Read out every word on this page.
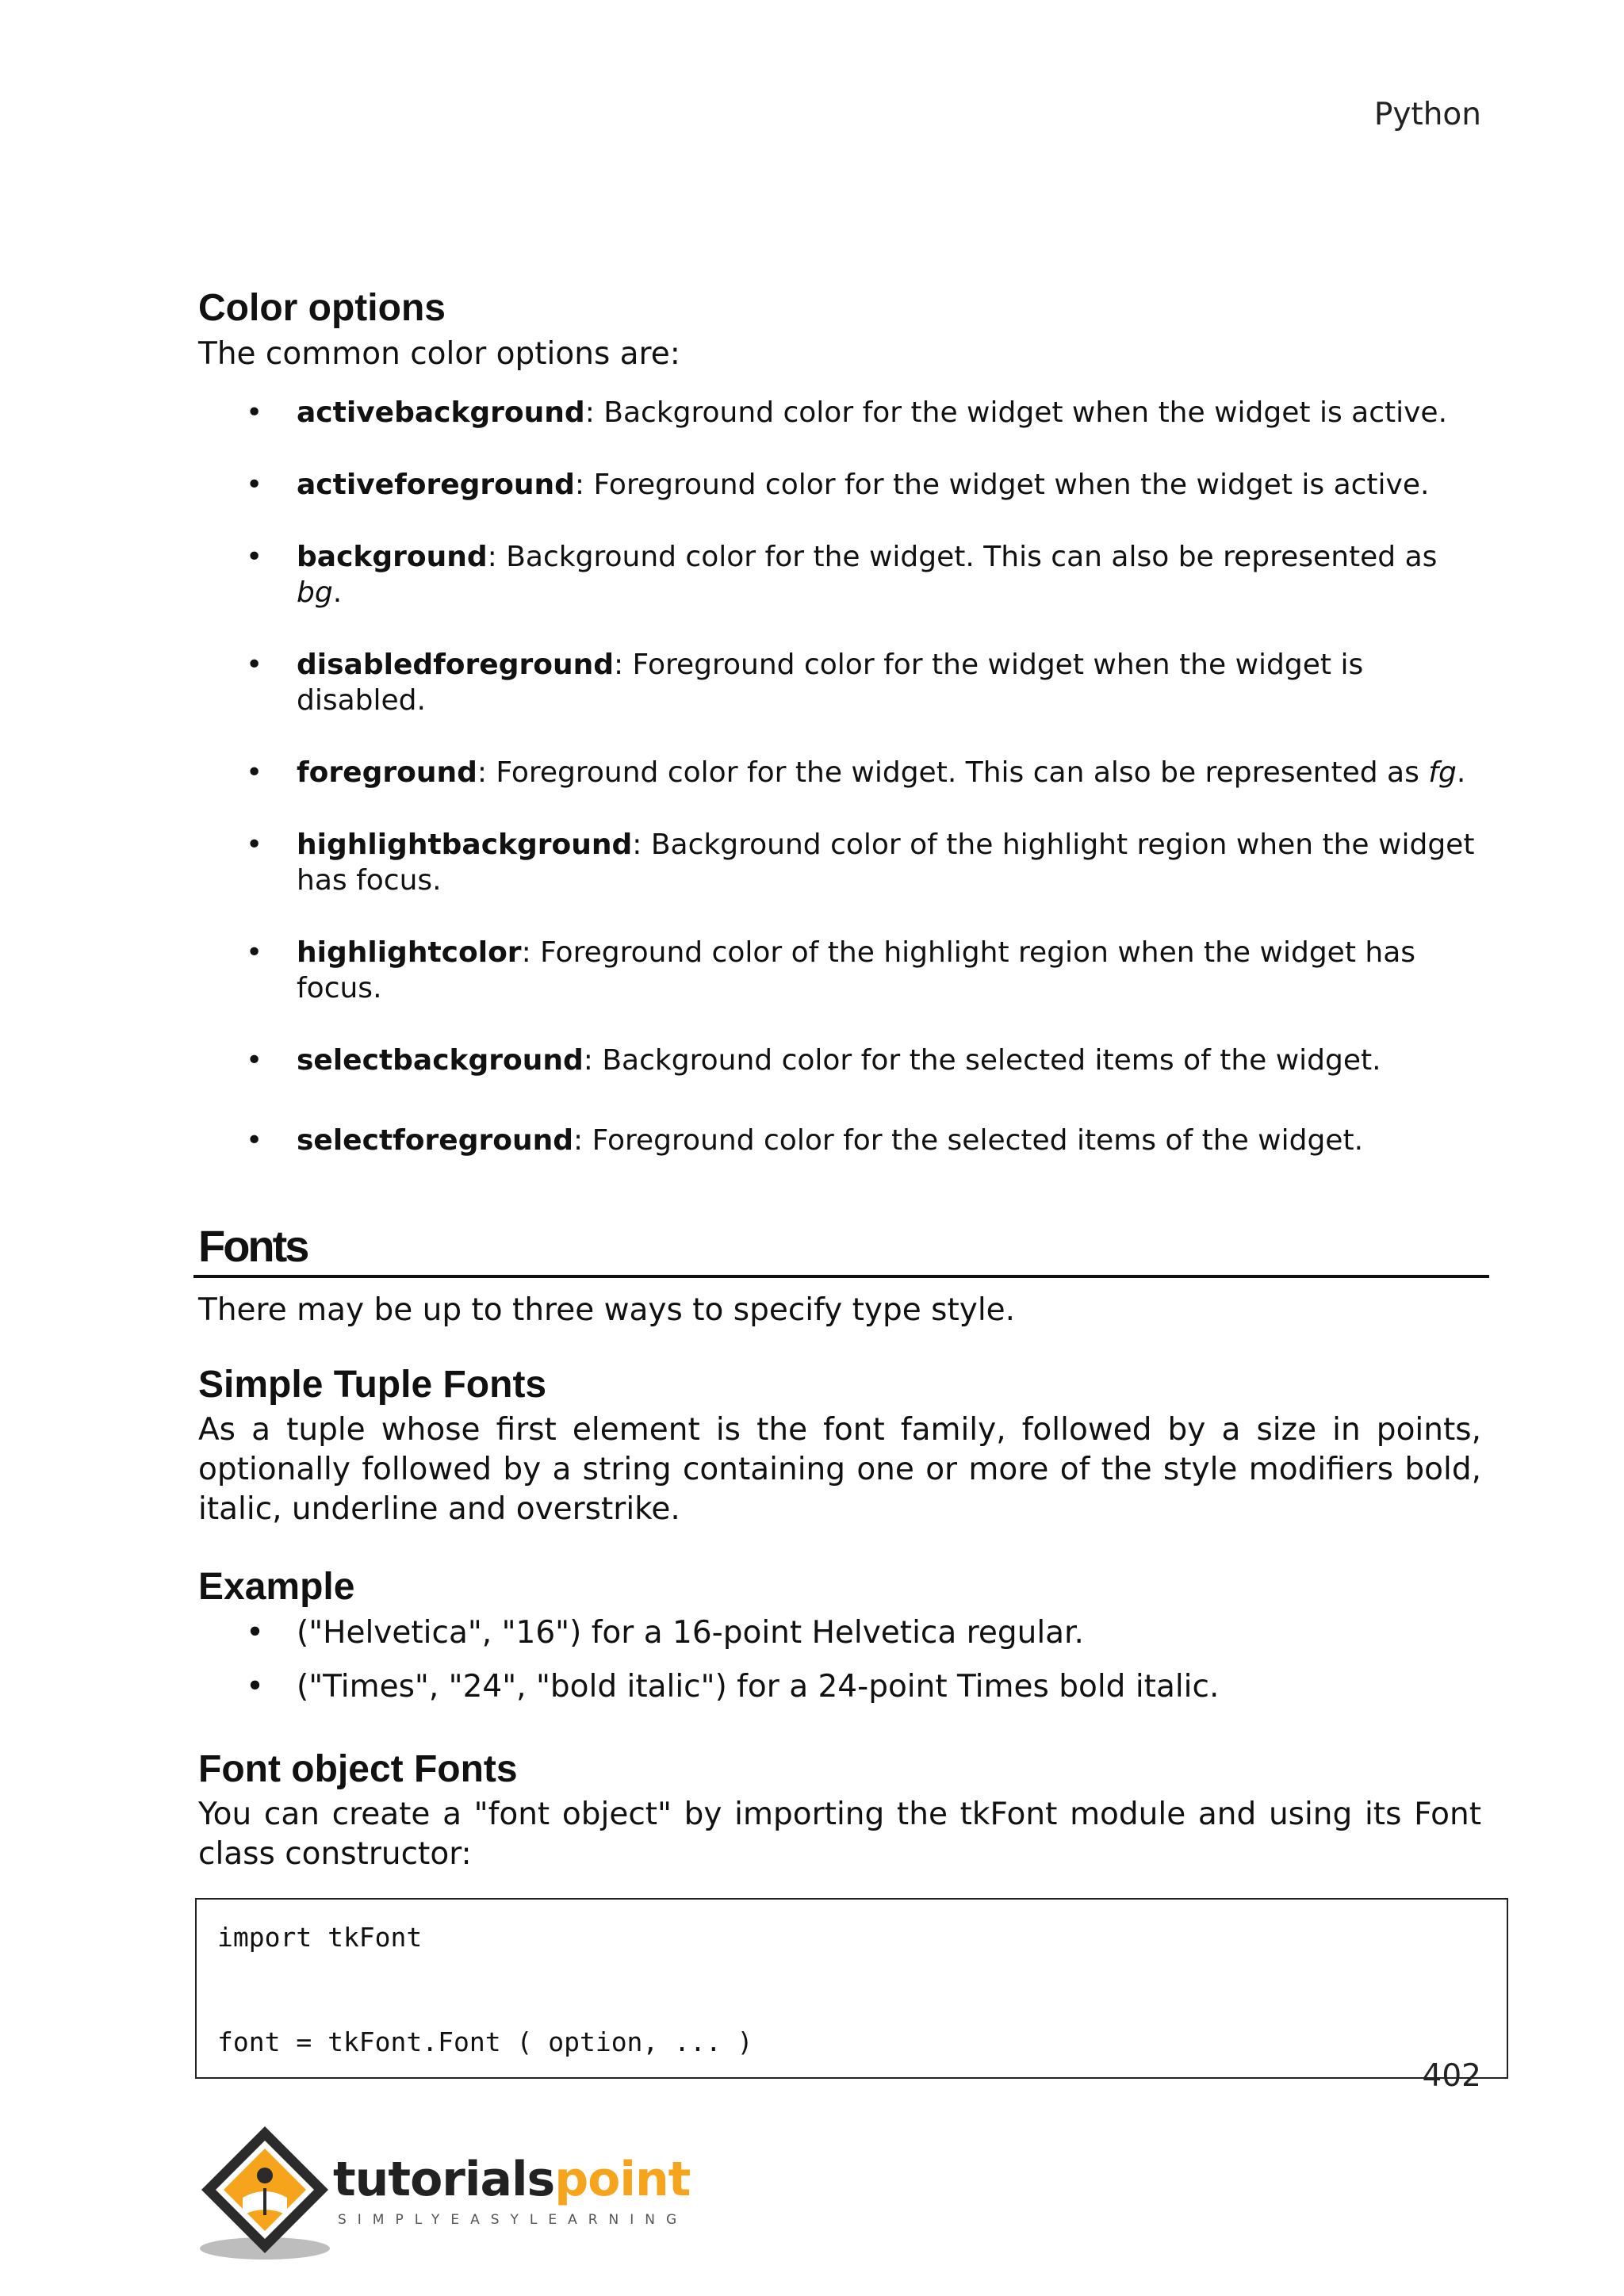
Python
Color options

The common color options are:

• activebackground: Background color for the widget when the widget is active.
• activeforeground: Foreground color for the widget when the widget is active.
• background: Background color for the widget. This can also be represented as bg.
• disabledforeground: Foreground color for the widget when the widget is disabled.
• foreground: Foreground color for the widget. This can also be represented as fg.
• highlightbackground: Background color of the highlight region when the widget has focus.
• highlightcolor: Foreground color of the highlight region when the widget has focus.
• selectbackground: Background color for the selected items of the widget.
• selectforeground: Foreground color for the selected items of the widget.
Fonts

There may be up to three ways to specify type style.

Simple Tuple Fonts

As a tuple whose first element is the font family, followed by a size in points, optionally followed by a string containing one or more of the style modifiers bold, italic, underline and overstrike.

Example
• ("Helvetica", "16") for a 16-point Helvetica regular.
• ("Times", "24", "bold italic") for a 24-point Times bold italic.
Font object Fonts

You can create a "font object" by importing the tkFont module and using its Font class constructor:

import tkFont
font = tkFont.Font ( option, ... )
402
tutorialspoint
SIMPLYEASYLEARNING
